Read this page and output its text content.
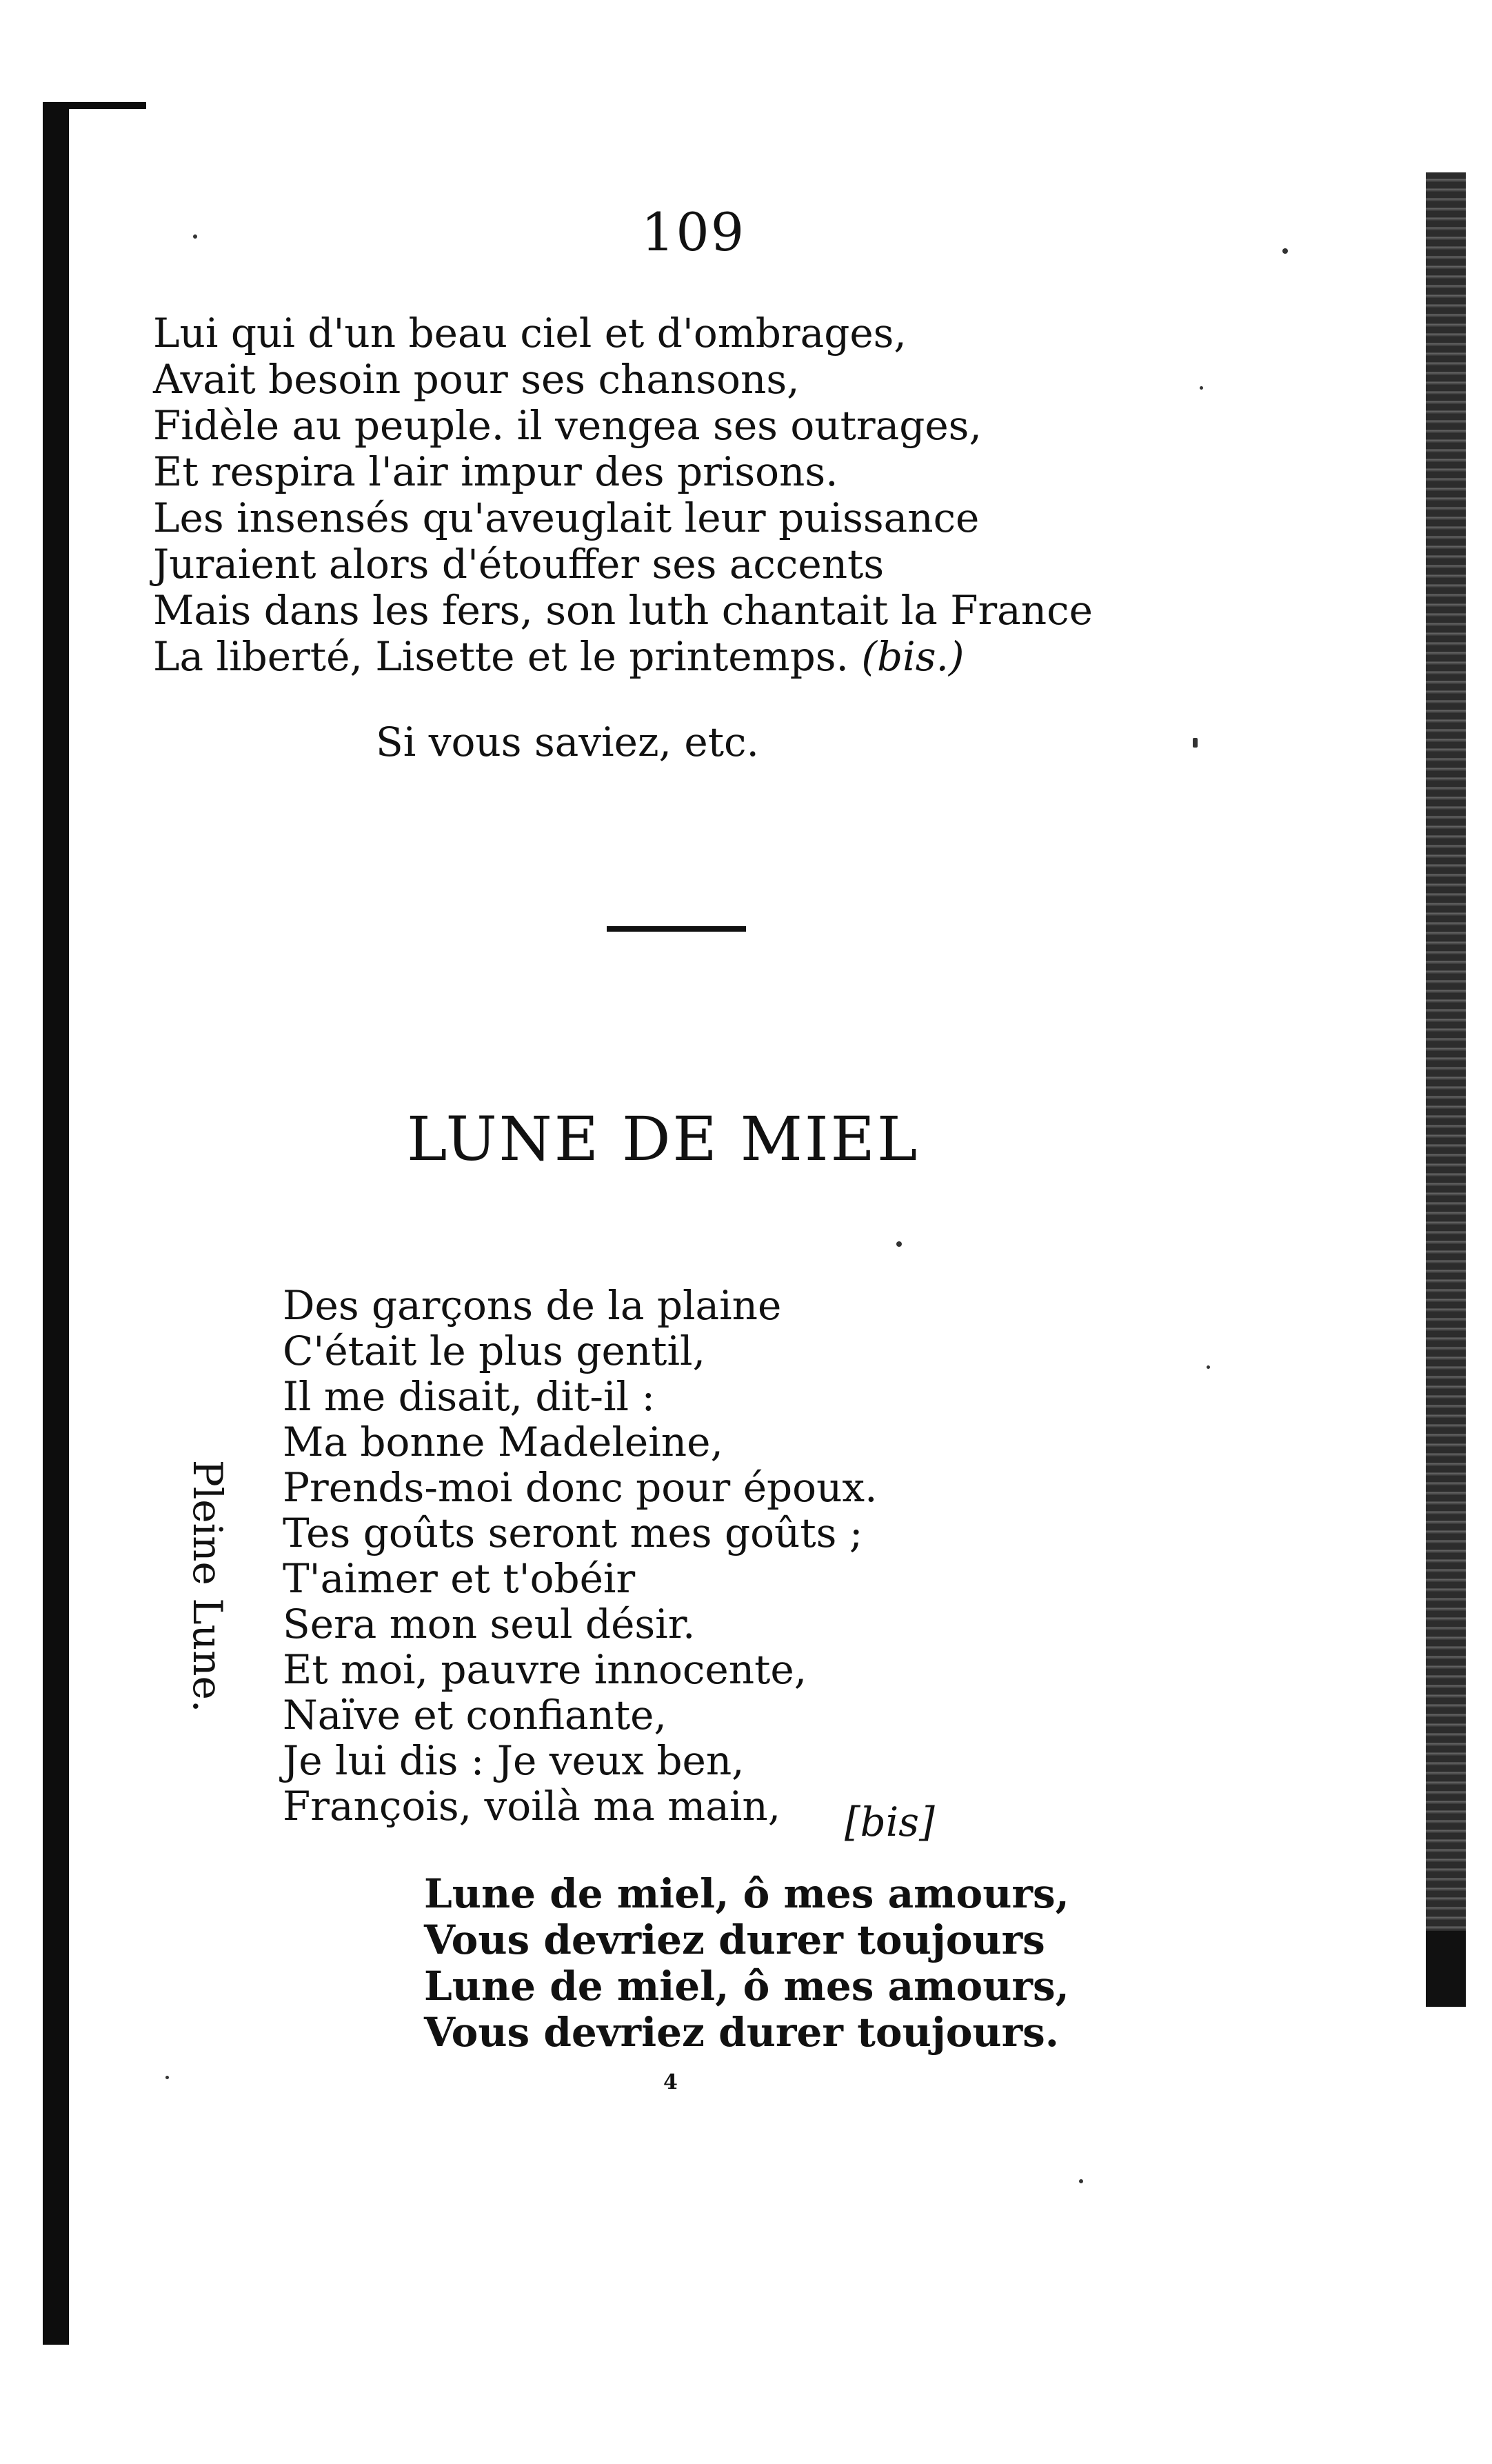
109
Lui qui d'un beau ciel et d'ombrages,
Avait besoin pour ses chansons,
Fidèle au peuple. il vengea ses outrages,
Et respira l'air impur des prisons.
Les insensés qu'aveuglait leur puissance
Juraient alors d'étouffer ses accents
Mais dans les fers, son luth chantait la France
La liberté, Lisette et le printemps. (bis.)
Si vous saviez, etc.
LUNE DE MIEL
Pleine Lune.
Des garçons de la plaine
C'était le plus gentil,
Il me disait, dit-il :
Ma bonne Madeleine,
Prends-moi donc pour époux.
Tes goûts seront mes goûts ;
T'aimer et t'obéir
Sera mon seul désir.
Et moi, pauvre innocente,
Naïve et confiante,
Je lui dis : Je veux ben,
François, voilà ma main,	[bis]
Lune de miel, ô mes amours,
Vous devriez durer toujours
Lune de miel, ô mes amours,
Vous devriez durer toujours.
4
